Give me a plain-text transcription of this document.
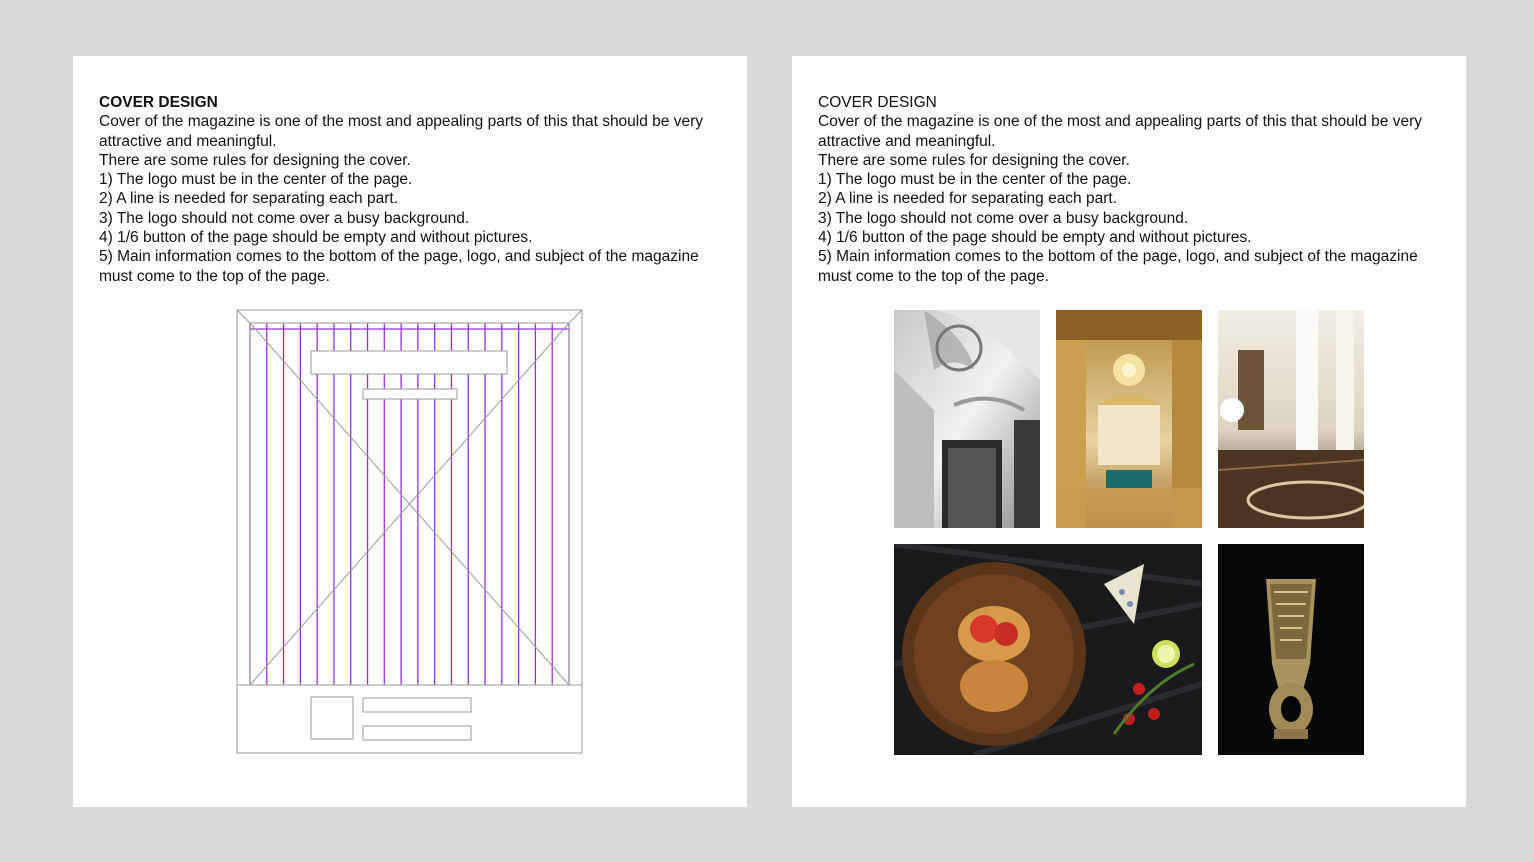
COVER DESIGN

Cover of the magazine is one of the most and appealing parts of this that should be very attractive and meaningful.

There are some rules for designing the cover.

1) The logo must be in the center of the page.

2) A line is needed for separating each part.

3) The logo should not come over a busy background.

4) 1/6 button of the page should be empty and without pictures.

5) Main information comes to the bottom of the page, logo, and subject of the magazine must come to the top of the page.

COVER DESIGN

Cover of the magazine is one of the most and appealing parts of this that should be very attractive and meaningful.

There are some rules for designing the cover.

1) The logo must be in the center of the page.

2) A line is needed for separating each part.

3) The logo should not come over a busy background.

4) 1/6 button of the page should be empty and without pictures.

5) Main information comes to the bottom of the page, logo, and subject of the magazine must come to the top of the page.
